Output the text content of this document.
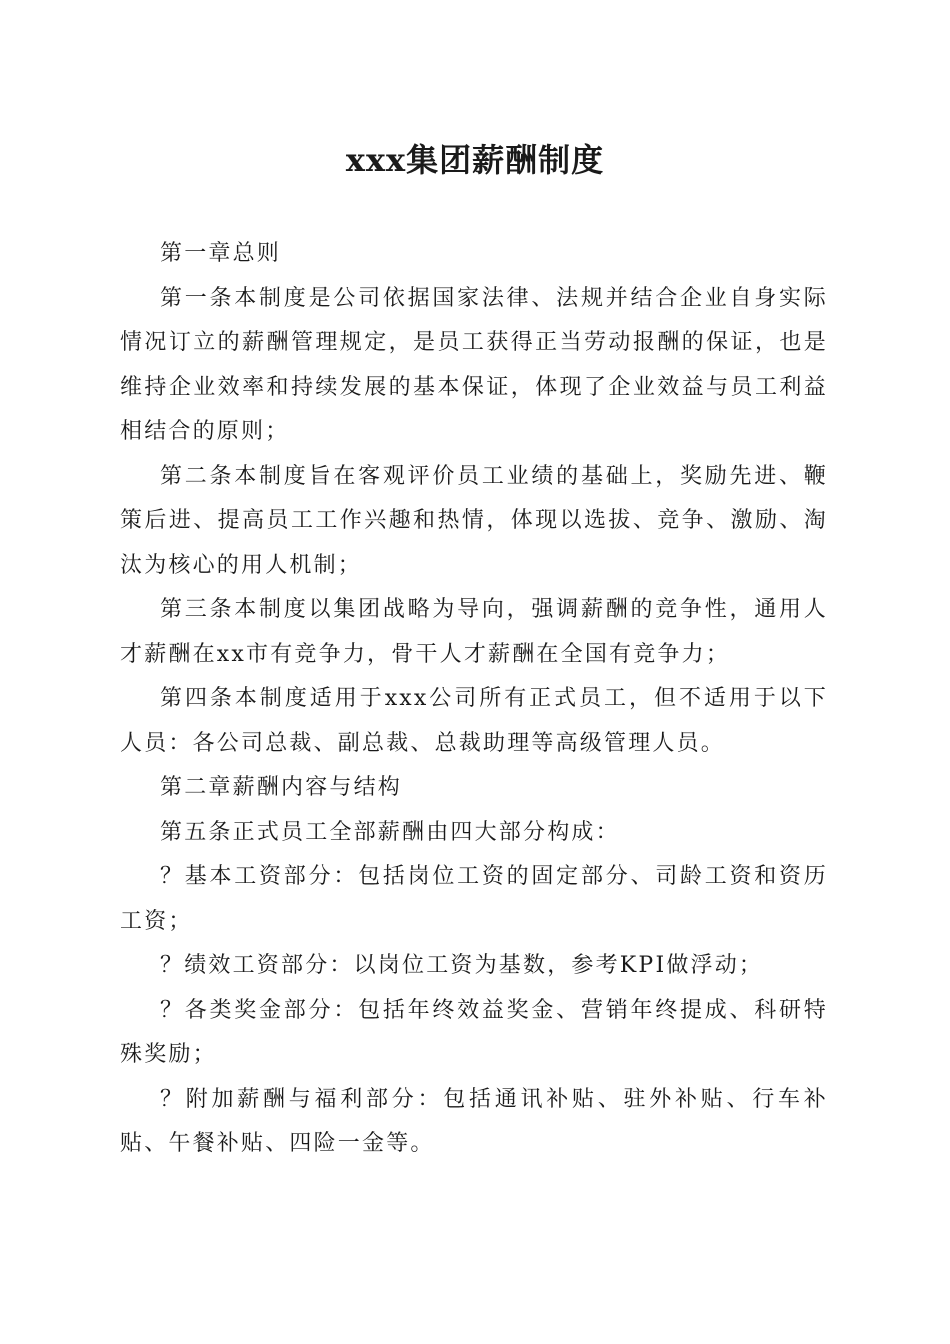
xxx集团薪酬制度

第一章总则

第一条本制度是公司依据国家法律、法规并结合企业自身实际情况订立的薪酬管理规定，是员工获得正当劳动报酬的保证，也是维持企业效率和持续发展的基本保证，体现了企业效益与员工利益相结合的原则；

第二条本制度旨在客观评价员工业绩的基础上，奖励先进、鞭策后进、提高员工工作兴趣和热情，体现以选拔、竞争、激励、淘汰为核心的用人机制；

第三条本制度以集团战略为导向，强调薪酬的竞争性，通用人才薪酬在xx市有竞争力，骨干人才薪酬在全国有竞争力；

第四条本制度适用于xxx公司所有正式员工，但不适用于以下人员：各公司总裁、副总裁、总裁助理等高级管理人员。

第二章薪酬内容与结构

第五条正式员工全部薪酬由四大部分构成：

？基本工资部分：包括岗位工资的固定部分、司龄工资和资历工资；

？绩效工资部分：以岗位工资为基数，参考KPI做浮动；

？各类奖金部分：包括年终效益奖金、营销年终提成、科研特殊奖励；

？附加薪酬与福利部分：包括通讯补贴、驻外补贴、行车补贴、午餐补贴、四险一金等。
